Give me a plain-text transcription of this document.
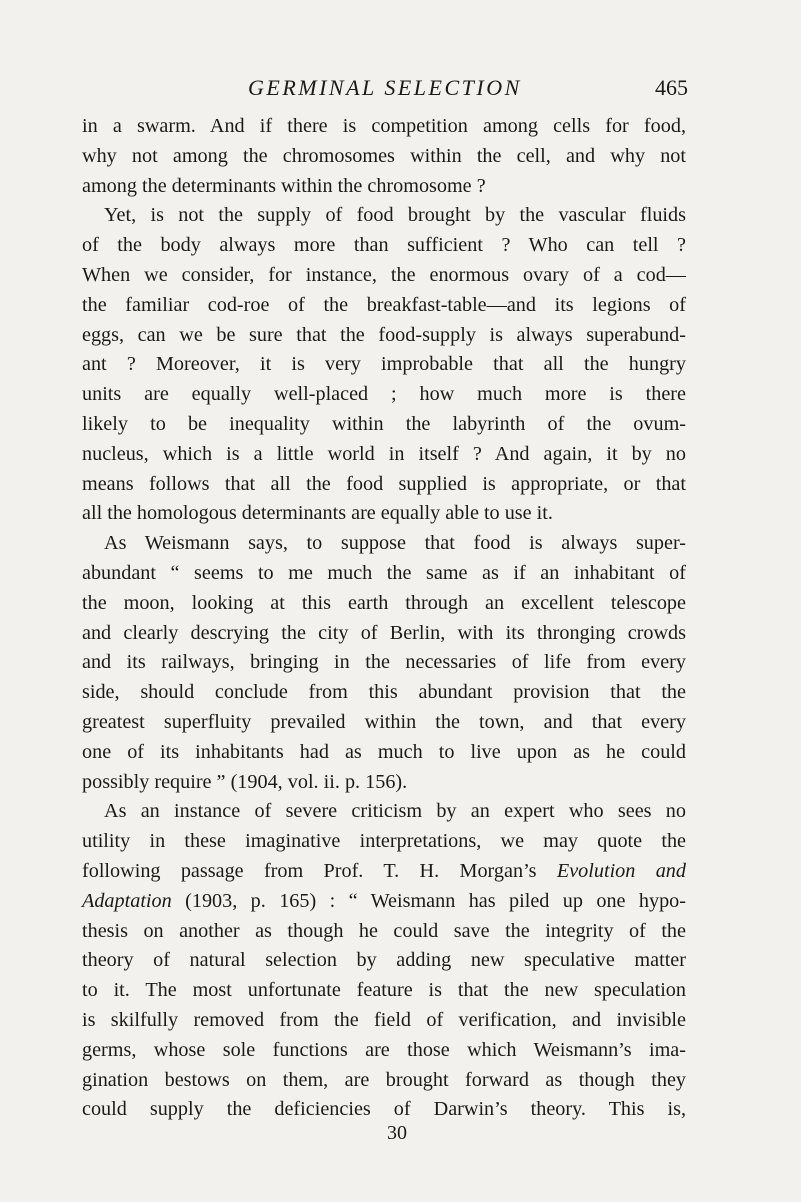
GERMINAL SELECTION	465
in a swarm. And if there is competition among cells for food,
why not among the chromosomes within the cell, and why not
among the determinants within the chromosome ?
Yet, is not the supply of food brought by the vascular fluids
of the body always more than sufficient ? Who can tell ?
When we consider, for instance, the enormous ovary of a cod—
the familiar cod-roe of the breakfast-table—and its legions of
eggs, can we be sure that the food-supply is always superabund-
ant ? Moreover, it is very improbable that all the hungry
units are equally well-placed ; how much more is there
likely to be inequality within the labyrinth of the ovum-
nucleus, which is a little world in itself ? And again, it by no
means follows that all the food supplied is appropriate, or that
all the homologous determinants are equally able to use it.
As Weismann says, to suppose that food is always super-
abundant “ seems to me much the same as if an inhabitant of
the moon, looking at this earth through an excellent telescope
and clearly descrying the city of Berlin, with its thronging crowds
and its railways, bringing in the necessaries of life from every
side, should conclude from this abundant provision that the
greatest superfluity prevailed within the town, and that every
one of its inhabitants had as much to live upon as he could
possibly require ” (1904, vol. ii. p. 156).
As an instance of severe criticism by an expert who sees no
utility in these imaginative interpretations, we may quote the
following passage from Prof. T. H. Morgan’s Evolution and
Adaptation (1903, p. 165) : “ Weismann has piled up one hypo-
thesis on another as though he could save the integrity of the
theory of natural selection by adding new speculative matter
to it. The most unfortunate feature is that the new speculation
is skilfully removed from the field of verification, and invisible
germs, whose sole functions are those which Weismann’s ima-
gination bestows on them, are brought forward as though they
could supply the deficiencies of Darwin’s theory. This is,
30
